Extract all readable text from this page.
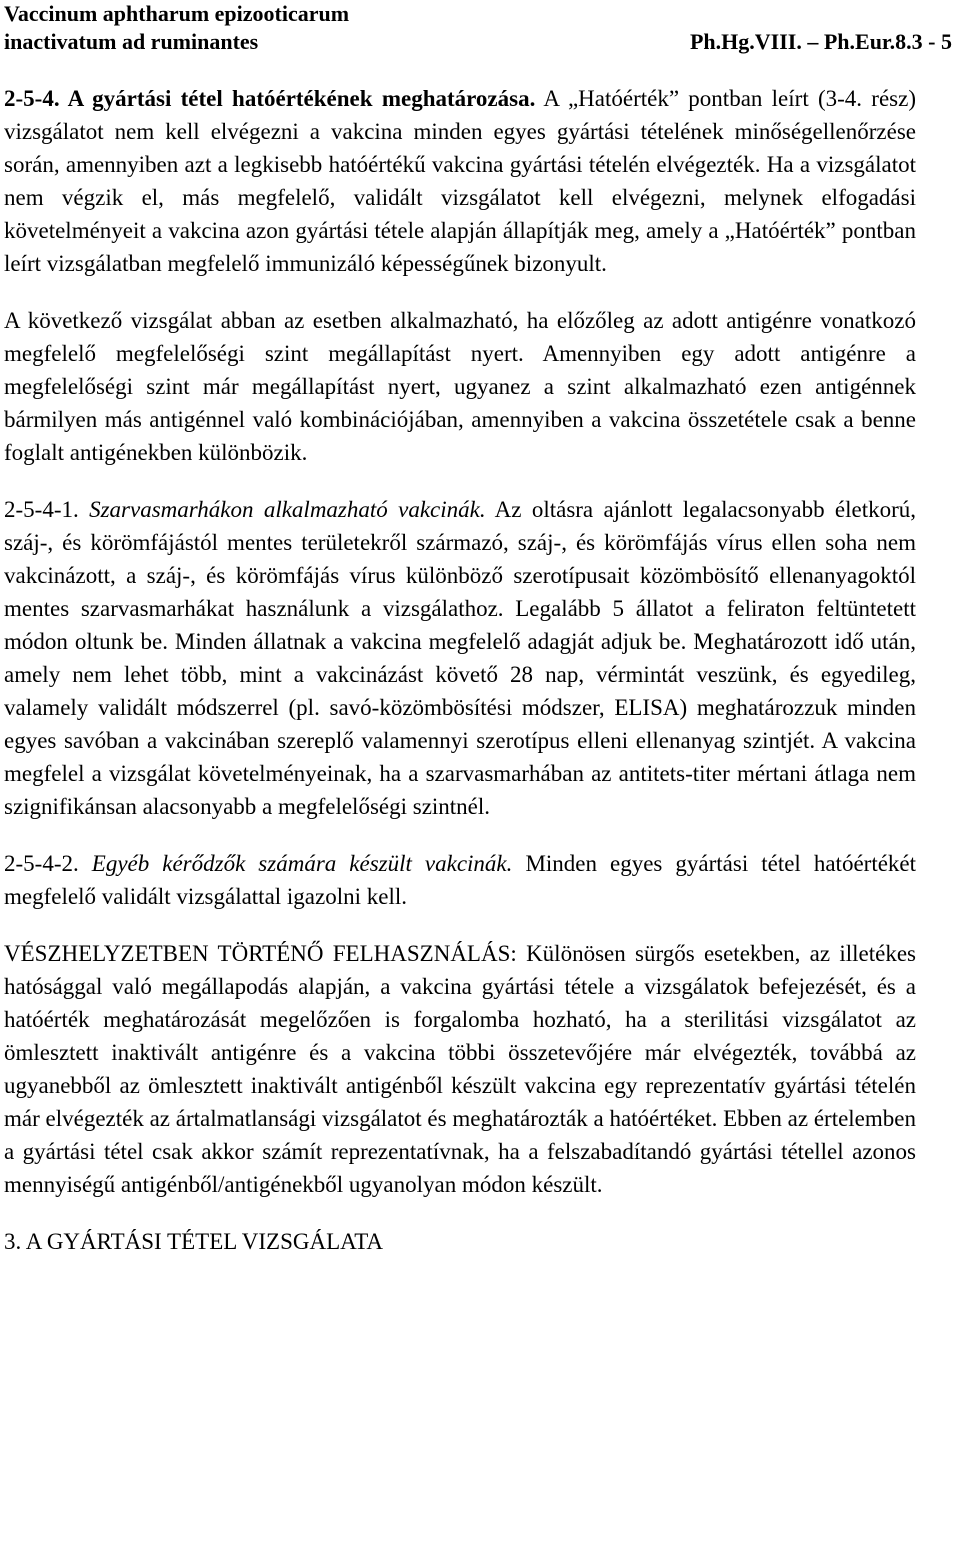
Vaccinum aphtharum epizooticarum
inactivatum ad ruminantes	Ph.Hg.VIII. – Ph.Eur.8.3 - 5

2-5-4. A gyártási tétel hatóértékének meghatározása. A „Hatóérték” pontban leírt (3-4. rész) vizsgálatot nem kell elvégezni a vakcina minden egyes gyártási tételének minőségellenőrzése során, amennyiben azt a legkisebb hatóértékű vakcina gyártási tételén elvégezték. Ha a vizsgálatot nem végzik el, más megfelelő, validált vizsgálatot kell elvégezni, melynek elfogadási követelményeit a vakcina azon gyártási tétele alapján állapítják meg, amely a „Hatóérték” pontban leírt vizsgálatban megfelelő immunizáló képességűnek bizonyult.

A következő vizsgálat abban az esetben alkalmazható, ha előzőleg az adott antigénre vonatkozó megfelelő megfelelőségi szint megállapítást nyert. Amennyiben egy adott antigénre a megfelelőségi szint már megállapítást nyert, ugyanez a szint alkalmazható ezen antigénnek bármilyen más antigénnel való kombinációjában, amennyiben a vakcina összetétele csak a benne foglalt antigénekben különbözik.

2-5-4-1. Szarvasmarhákon alkalmazható vakcinák. Az oltásra ajánlott legalacsonyabb életkorú, száj-, és körömfájástól mentes területekről származó, száj-, és körömfájás vírus ellen soha nem vakcinázott, a száj-, és körömfájás vírus különböző szerotípusait közömbösítő ellenanyagoktól mentes szarvasmarhákat használunk a vizsgálathoz. Legalább 5 állatot a feliraton feltüntetett módon oltunk be. Minden állatnak a vakcina megfelelő adagját adjuk be. Meghatározott idő után, amely nem lehet több, mint a vakcinázást követő 28 nap, vérmintát veszünk, és egyedileg, valamely validált módszerrel (pl. savó-közömbösítési módszer, ELISA) meghatározzuk minden egyes savóban a vakcinában szereplő valamennyi szerotípus elleni ellenanyag szintjét. A vakcina megfelel a vizsgálat követelményeinak, ha a szarvasmarhában az antitets-titer mértani átlaga nem szignifikánsan alacsonyabb a megfelelőségi szintnél.

2-5-4-2. Egyéb kérődzők számára készült vakcinák. Minden egyes gyártási tétel hatóértékét megfelelő validált vizsgálattal igazolni kell.

VÉSZHELYZETBEN TÖRTÉNŐ FELHASZNÁLÁS: Különösen sürgős esetekben, az illetékes hatósággal való megállapodás alapján, a vakcina gyártási tétele a vizsgálatok befejezését, és a hatóérték meghatározását megelőzően is forgalomba hozható, ha a sterilitási vizsgálatot az ömlesztett inaktivált antigénre és a vakcina többi összetevőjére már elvégezték, továbbá az ugyanebből az ömlesztett inaktivált antigénből készült vakcina egy reprezentatív gyártási tételén már elvégezték az ártalmatlansági vizsgálatot és meghatározták a hatóértéket. Ebben az értelemben a gyártási tétel csak akkor számít reprezentatívnak, ha a felszabadítandó gyártási tétellel azonos mennyiségű antigénből/antigénekből ugyanolyan módon készült.

3. A GYÁRTÁSI TÉTEL VIZSGÁLATA
